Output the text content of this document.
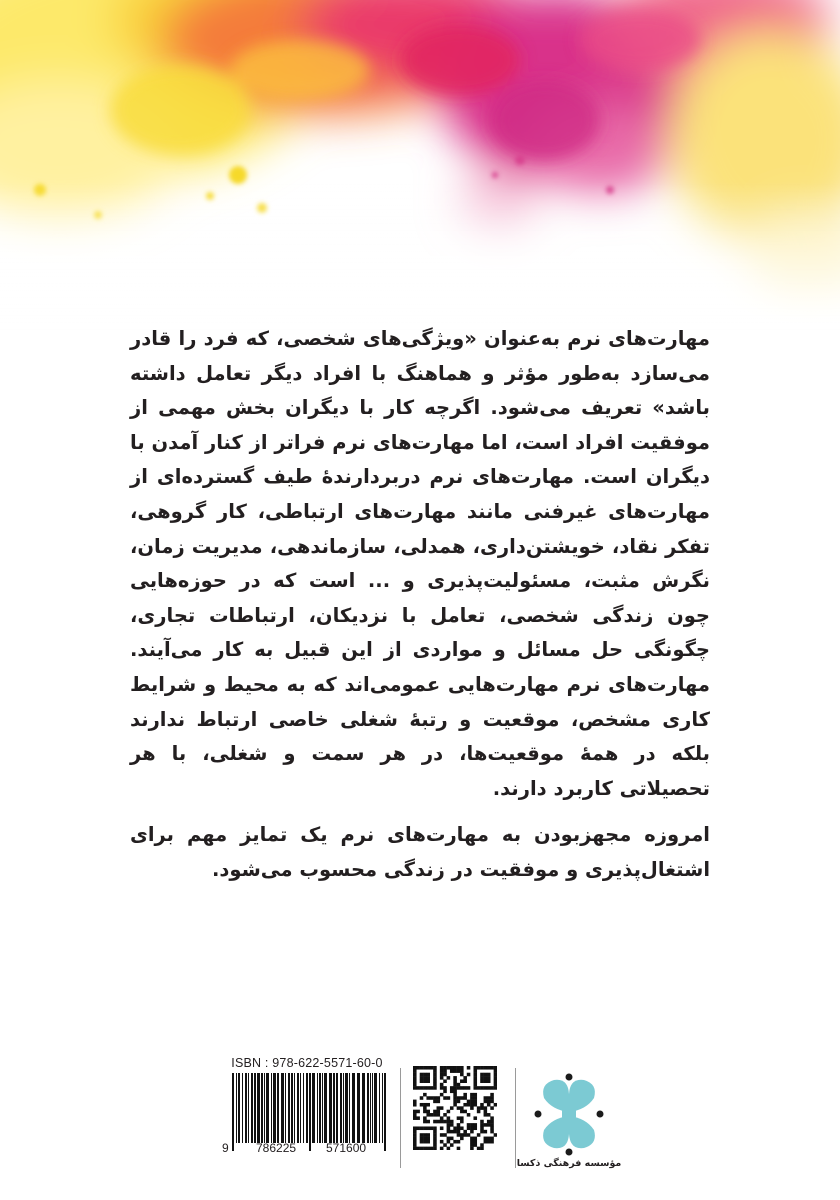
مهارت‌های نرم به‌عنوان «ویژگی‌های شخصی، که فرد را قادر می‌سازد به‌طور مؤثر و هماهنگ با افراد دیگر تعامل داشته باشد» تعریف می‌شود. اگرچه کار با دیگران بخش مهمی از موفقیت افراد است، اما مهارت‌های نرم فراتر از کنار آمدن با دیگران است. مهارت‌های نرم دربردارندهٔ طیف گسترده‌ای از مهارت‌های غیرفنی مانند مهارت‌های ارتباطی، کار گروهی، تفکر نقاد، خویشتن‌داری، همدلی، سازماندهی، مدیریت زمان، نگرش مثبت، مسئولیت‌پذیری و ... است که در حوزه‌هایی چون زندگی شخصی، تعامل با نزدیکان، ارتباطات تجاری، چگونگی حل مسائل و مواردی از این قبیل به کار می‌آیند. مهارت‌های نرم مهارت‌هایی عمومی‌اند که به محیط و شرایط کاری مشخص، موقعیت و رتبهٔ شغلی خاصی ارتباط ندارند بلکه در همهٔ موقعیت‌ها، در هر سمت و شغلی، با هر تحصیلاتی کاربرد دارند.

امروزه مجهزبودن به مهارت‌های نرم یک تمایز مهم برای اشتغال‌پذیری و موفقیت در زندگی محسوب می‌شود.

ISBN : 978-622-5571-60-0
9 786225 571600
مؤسسه فرهنگی ذکسا
